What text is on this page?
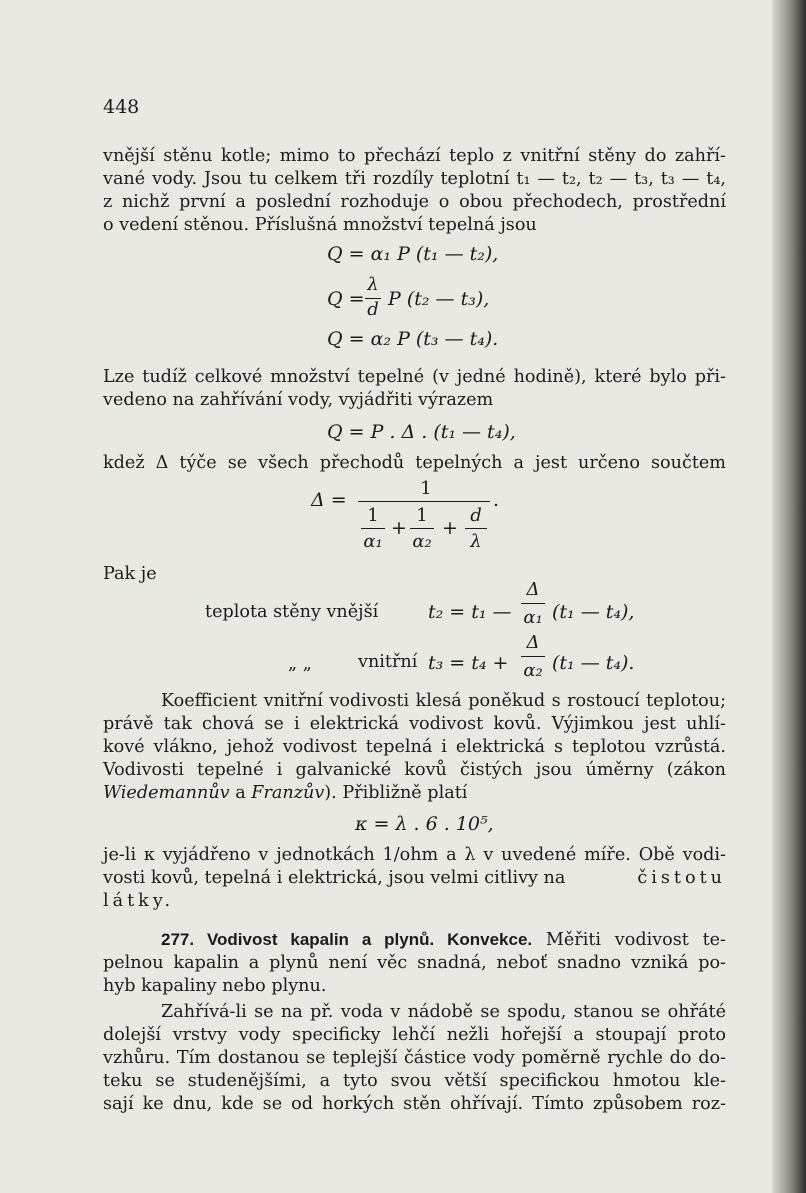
448
vnější stěnu kotle; mimo to přechází teplo z vnitřní stěny do zahří-
vané vody. Jsou tu celkem tři rozdíly teplotní t₁ — t₂, t₂ — t₃, t₃ — t₄,
z nichž první a poslední rozhoduje o obou přechodech, prostřední
o vedení stěnou. Příslušná množství tepelná jsou
Q = α₁ P (t₁ — t₂),
Q =
λ
d P (t₂ — t₃),
Q = α₂ P (t₃ — t₄).
Lze tudíž celkové množství tepelné (v jedné hodině), které bylo při-
vedeno na zahřívání vody, vyjádřiti výrazem
Q = P . Δ . (t₁ — t₄),
kdež Δ týče se všech přechodů tepelných a jest určeno součtem
Δ =
1
.
1
α₁
+
1
α₂
+
d
λ
Pak je
teplota stěny vnější	t₂ = t₁ —
Δ
α₁ (t₁ — t₄),
„ „	vnitřní t₃ = t₄ +
Δ
α₂ (t₁ — t₄).
Koefficient vnitřní vodivosti klesá poněkud s rostoucí teplotou;
právě tak chová se i elektrická vodivost kovů. Výjimkou jest uhlí-
kové vlákno, jehož vodivost tepelná i elektrická s teplotou vzrůstá.
Vodivosti tepelné i galvanické kovů čistých jsou úměrny (zákon
Wiedemannův a Franzův). Přibližně platí
κ = λ . 6 . 10⁵,
je-li κ vyjádřeno v jednotkách 1/ohm a λ v uvedené míře. Obě vodi-
vosti kovů, tepelná i elektrická, jsou velmi citlivy na	čistotu
látky.
277. Vodivost kapalin a plynů. Konvekce. Měřiti vodivost te-
pelnou kapalin a plynů není věc snadná, neboť snadno vzniká po-
hyb kapaliny nebo plynu.
Zahřívá-li se na př. voda v nádobě se spodu, stanou se ohřáté
dolejší vrstvy vody specificky lehčí nežli hořejší a stoupají proto
vzhůru. Tím dostanou se teplejší částice vody poměrně rychle do do-
teku se studenějšími, a tyto svou větší specifickou hmotou kle-
sají ke dnu, kde se od horkých stěn ohřívají. Tímto způsobem roz-
